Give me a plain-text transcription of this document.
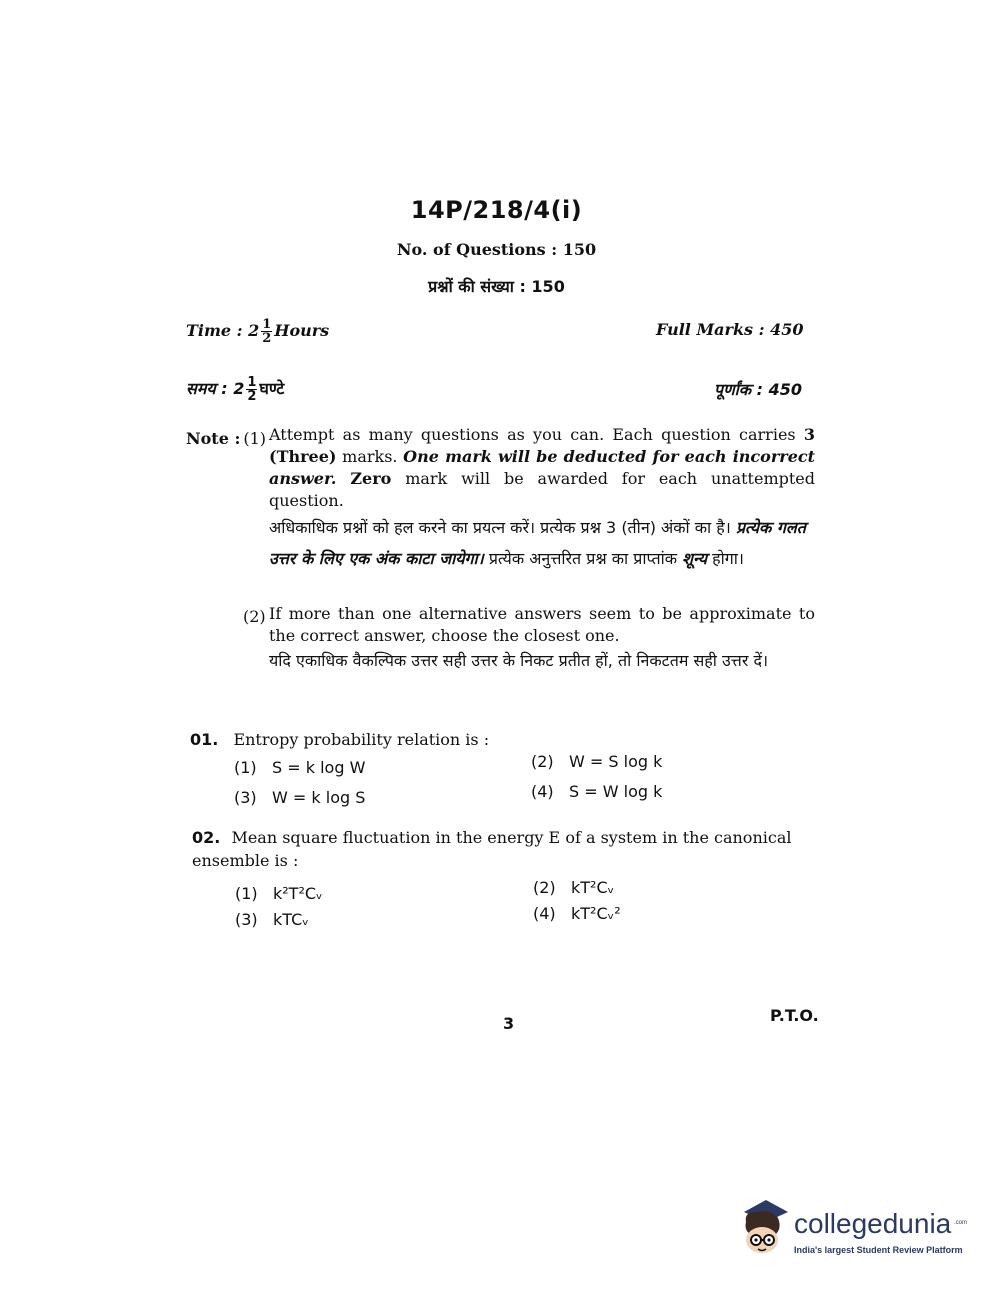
14P/218/4(i)
No. of Questions : 150
प्रश्नों की संख्या : 150
Time : $2 \frac{1}{2}$ Hours	Full Marks : 450
समय : $2 \frac{1}{2}$ घण्टे	पूर्णांक : 450
Note : (1) Attempt as many questions as you can. Each question carries 3 (Three) marks. One mark will be deducted for each incorrect answer. Zero mark will be awarded for each unattempted question.
अधिकाधिक प्रश्नों को हल करने का प्रयत्न करें। प्रत्येक प्रश्न 3 (तीन) अंकों का है। प्रत्येक गलत उत्तर के लिए एक अंक काटा जायेगा। प्रत्येक अनुत्तरित प्रश्न का प्राप्तांक शून्य होगा।
(2) If more than one alternative answers seem to be approximate to the correct answer, choose the closest one.
यदि एकाधिक वैकल्पिक उत्तर सही उत्तर के निकट प्रतीत हों, तो निकटतम सही उत्तर दें।
01. Entropy probability relation is :
(1) S = k log W	(2) W = S log k
(3) W = k log S	(4) S = W log k
02. Mean square fluctuation in the energy E of a system in the canonical ensemble is :
(1) k²T²Cᵥ	(2) kT²Cᵥ
(3) kTCᵥ	(4) kT²Cᵥ²
3	P.T.O.
collegedunia .com
India's largest Student Review Platform
